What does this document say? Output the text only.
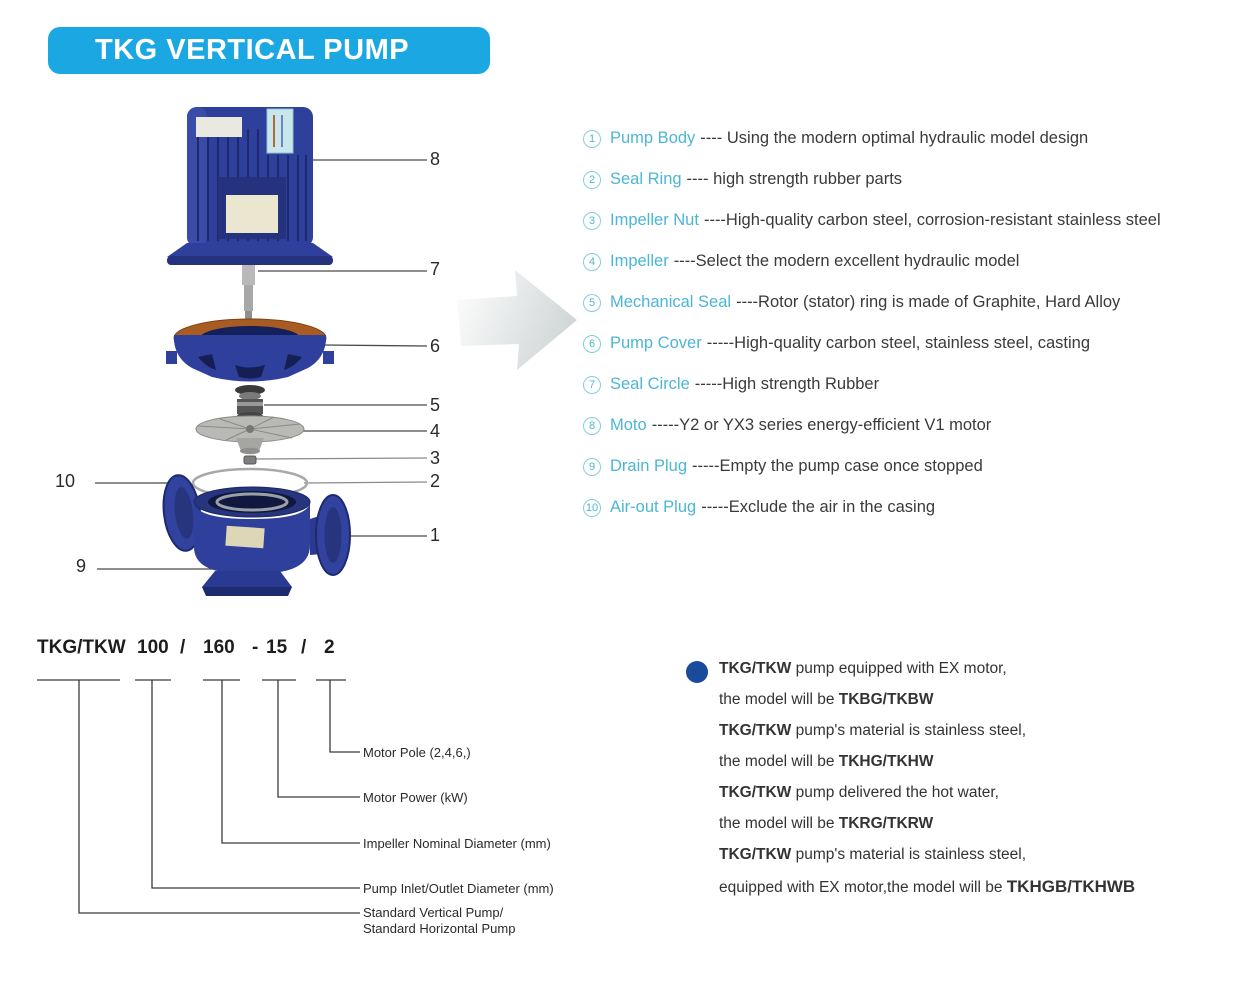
TKG VERTICAL PUMP
8
7
6
5
4
3
2
1
10
9
1 Pump Body ---- Using the modern optimal hydraulic model design
2 Seal Ring ---- high strength rubber parts
3 Impeller Nut ----High-quality carbon steel, corrosion-resistant stainless steel
4 Impeller ----Select the modern excellent hydraulic model
5 Mechanical Seal ----Rotor (stator) ring is made of Graphite, Hard Alloy
6 Pump Cover -----High-quality carbon steel, stainless steel, casting
7 Seal Circle -----High strength Rubber
8 Moto -----Y2 or YX3 series energy-efficient V1 motor
9 Drain Plug -----Empty the pump case once stopped
10 Air-out Plug -----Exclude the air in the casing
TKG/TKW 100 / 160 - 15 / 2
Motor Pole (2,4,6,)
Motor Power (kW)
Impeller Nominal Diameter (mm)
Pump Inlet/Outlet Diameter (mm)
Standard Vertical Pump/
Standard Horizontal Pump
TKG/TKW pump equipped with EX motor,
the model will be TKBG/TKBW
TKG/TKW pump's material is stainless steel,
the model will be TKHG/TKHW
TKG/TKW pump delivered the hot water,
the model will be TKRG/TKRW
TKG/TKW pump's material is stainless steel,
equipped with EX motor,the model will be TKHGB/TKHWB
